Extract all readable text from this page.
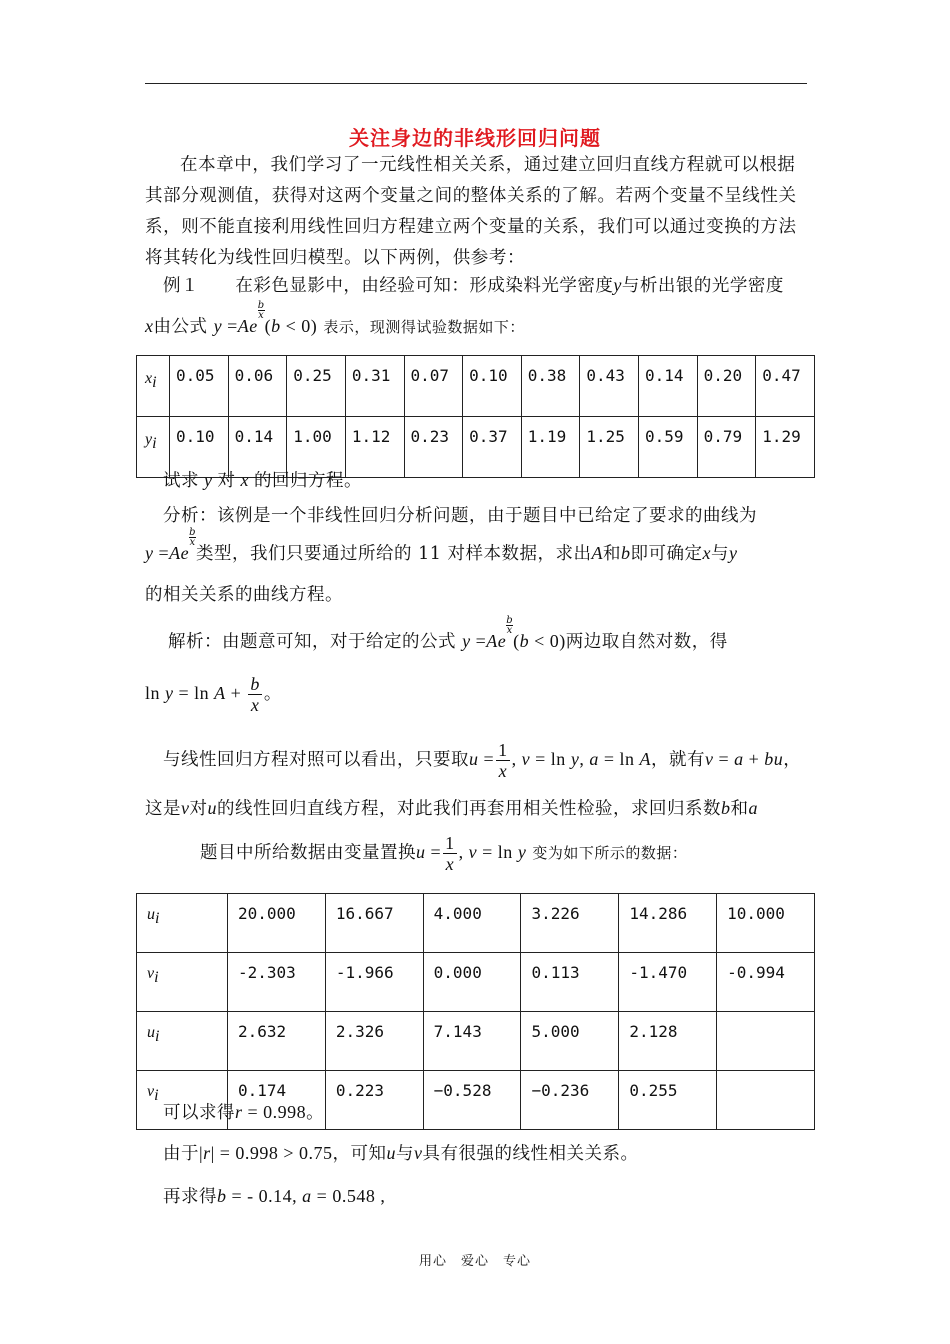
关注身边的非线形回归问题
在本章中，我们学习了一元线性相关关系，通过建立回归直线方程就可以根据其部分观测值，获得对这两个变量之间的整体关系的了解。若两个变量不呈线性关系，则不能直接利用线性回归方程建立两个变量的关系，我们可以通过变换的方法将其转化为线性回归模型。以下两例，供参考：
例１ 在彩色显影中，由经验可知：形成染料光学密度y与析出银的光学密度
x由公式 y =Ae
$\frac{b}{x}$
(b < 0) 表示，现测得试验数据如下：
$x_i$	0.05	0.06	0.25	0.31	0.07	0.10	0.38	0.43	0.14	0.20	0.47
$y_i$	0.10	0.14	1.00	1.12	0.23	0.37	1.19	1.25	0.59	0.79	1.29
试求 y 对 x 的回归方程。
分析：该例是一个非线性回归分析问题，由于题目中已给定了要求的曲线为
y =Ae
$\frac{b}{x}$
类型，我们只要通过所给的 11 对样本数据，求出A和b即可确定x与y
的相关关系的曲线方程。
解析：由题意可知，对于给定的公式 y =Ae
$\frac{b}{x}$
(b < 0)两边取自然对数，得
$\ln y = \ln A + \frac{b}{x}$ 。
与线性回归方程对照可以看出，只要取$u = \frac{1}{x}$ , v = ln y, a = ln A，就有v = a + bu，
这是v对u的线性回归直线方程，对此我们再套用相关性检验，求回归系数b和a
题目中所给数据由变量置换$u = \frac{1}{x}$ , v = ln y 变为如下所示的数据：
$u_i$	20.000	16.667	4.000	3.226	14.286	10.000
$v_i$	-2.303	-1.966	0.000	0.113	-1.470	-0.994
$u_i$	2.632	2.326	7.143	5.000	2.128	
$v_i$	0.174	0.223	−0.528	−0.236	0.255	
可以求得r = 0.998。
由于|r| = 0.998 > 0.75，可知u与v具有很强的线性相关关系。
再求得b = - 0.14, a = 0.548 ,
用心　爱心　专心
